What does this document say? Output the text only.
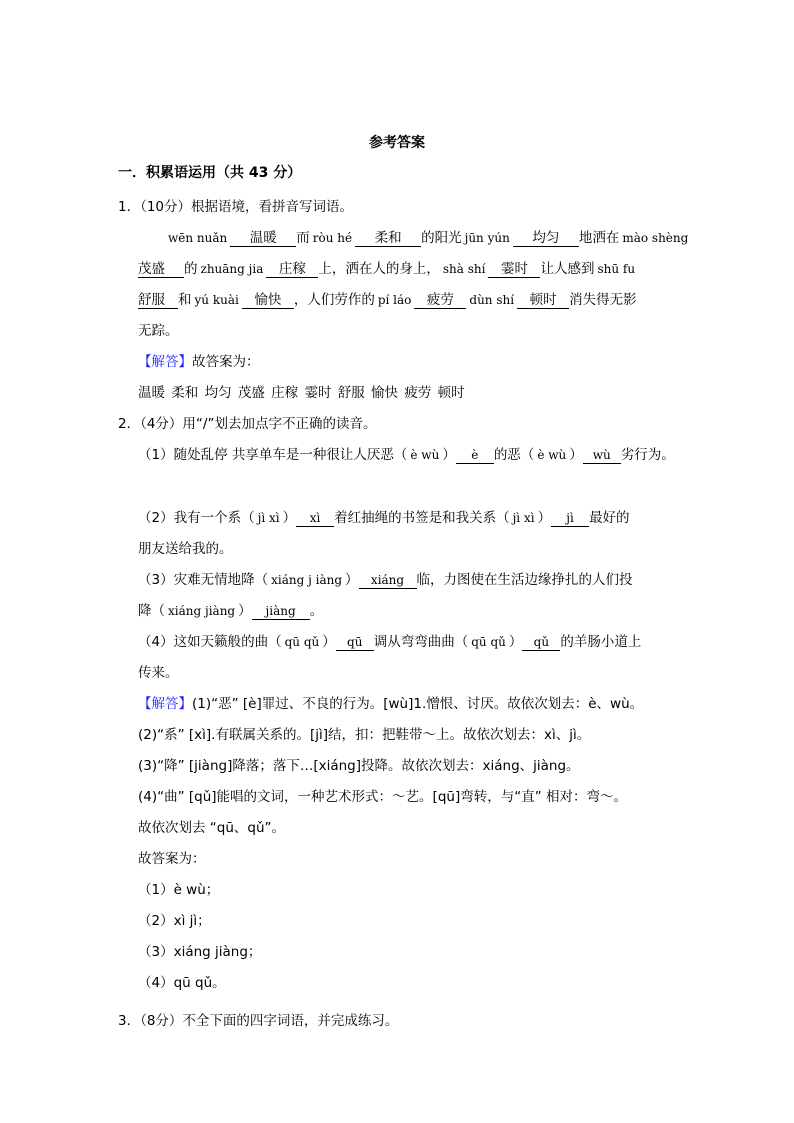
参考答案
一．积累语运用（共 43 分）
1．（10分）根据语境，看拼音写词语。
wēn nuǎn 温暖 而 ròu hé 柔和 的阳光 jūn yún 均匀 地洒在 mào shèng
茂盛 的 zhuāng jia 庄稼 上，洒在人的身上， shà shí 霎时 让人感到 shū fu
舒服 和 yú kuài 愉快 ，人们劳作的 pí láo 疲劳 dùn shí 顿时 消失得无影
无踪。
【解答】故答案为：
温暖 柔和 均匀 茂盛 庄稼 霎时 舒服 愉快 疲劳 顿时
2．（4分）用“/”划去加点字不正确的读音。
（1）随处乱停 共享单车是一种很让人厌恶（ è wù ） è 的恶（ è wù ） wù 劣行为。
（2）我有一个系（ jì xì ） xì 着红抽绳的书签是和我关系（ jì xì ） jì 最好的
朋友送给我的。
（3）灾难无情地降（ xiáng j iàng ） xiáng 临，力图使在生活边缘挣扎的人们投
降（ xiáng jiàng ） jiàng 。
（4）这如天籁般的曲（ qū qǔ ） qū 调从弯弯曲曲（ qū qǔ ） qǔ 的羊肠小道上
传来。
【解答】(1)“恶” [è]罪过、不良的行为。[wù]1.憎恨、讨厌。故依次划去：è、wù。
(2)“系” [xì].有联属关系的。[jì]结，扣：把鞋带～上。故依次划去：xì、jì。
(3)“降” [jiàng]降落；落下…[xiáng]投降。故依次划去：xiáng、jiàng。
(4)“曲” [qǔ]能唱的文词，一种艺术形式：～艺。[qū]弯转，与“直” 相对：弯～。
故依次划去 “qū、qǔ”。
故答案为：
（1）è wù；
（2）xì jì；
（3）xiáng jiàng；
（4）qū qǔ。
3．（8分）不全下面的四字词语，并完成练习。
